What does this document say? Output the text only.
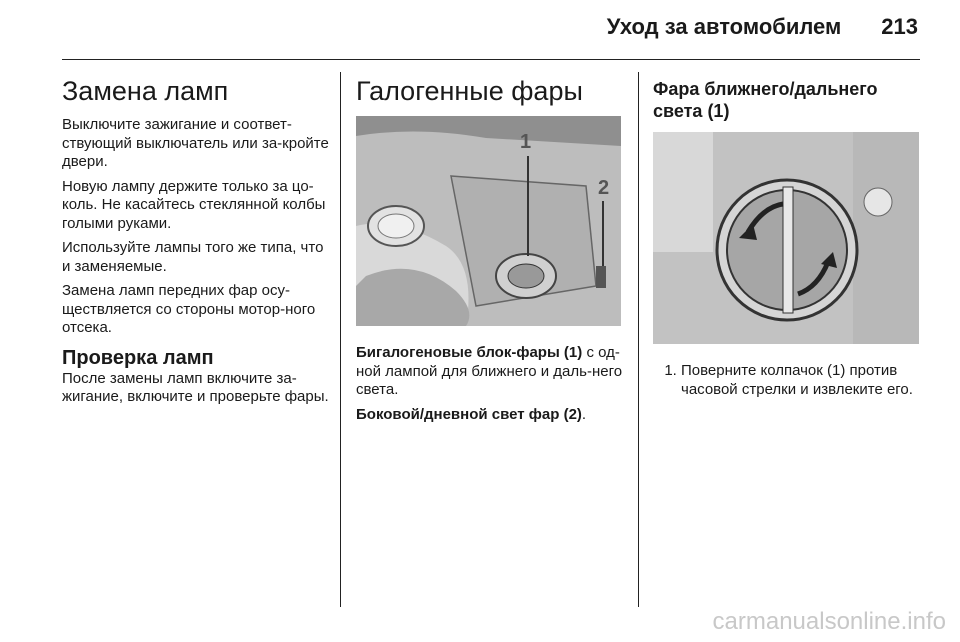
Уход за автомобилем 213
Замена ламп

Выключите зажигание и соответ-ствующий выключатель или за-кройте двери.

Новую лампу держите только за цо-коль. Не касайтесь стеклянной колбы голыми руками.

Используйте лампы того же типа, что и заменяемые.

Замена ламп передних фар осу-ществляется со стороны мотор-ного отсека.

Проверка ламп

После замены ламп включите за-жигание, включите и проверьте фары.

Галогенные фары
1
2

Бигалогеновые блок-фары (1) с од-ной лампой для ближнего и даль-него света.

Боковой/дневной свет фар (2).

Фара ближнего/дальнего света (1)
1. Поверните колпачок (1) против часовой стрелки и извлеките его.
carmanualsonline.info
